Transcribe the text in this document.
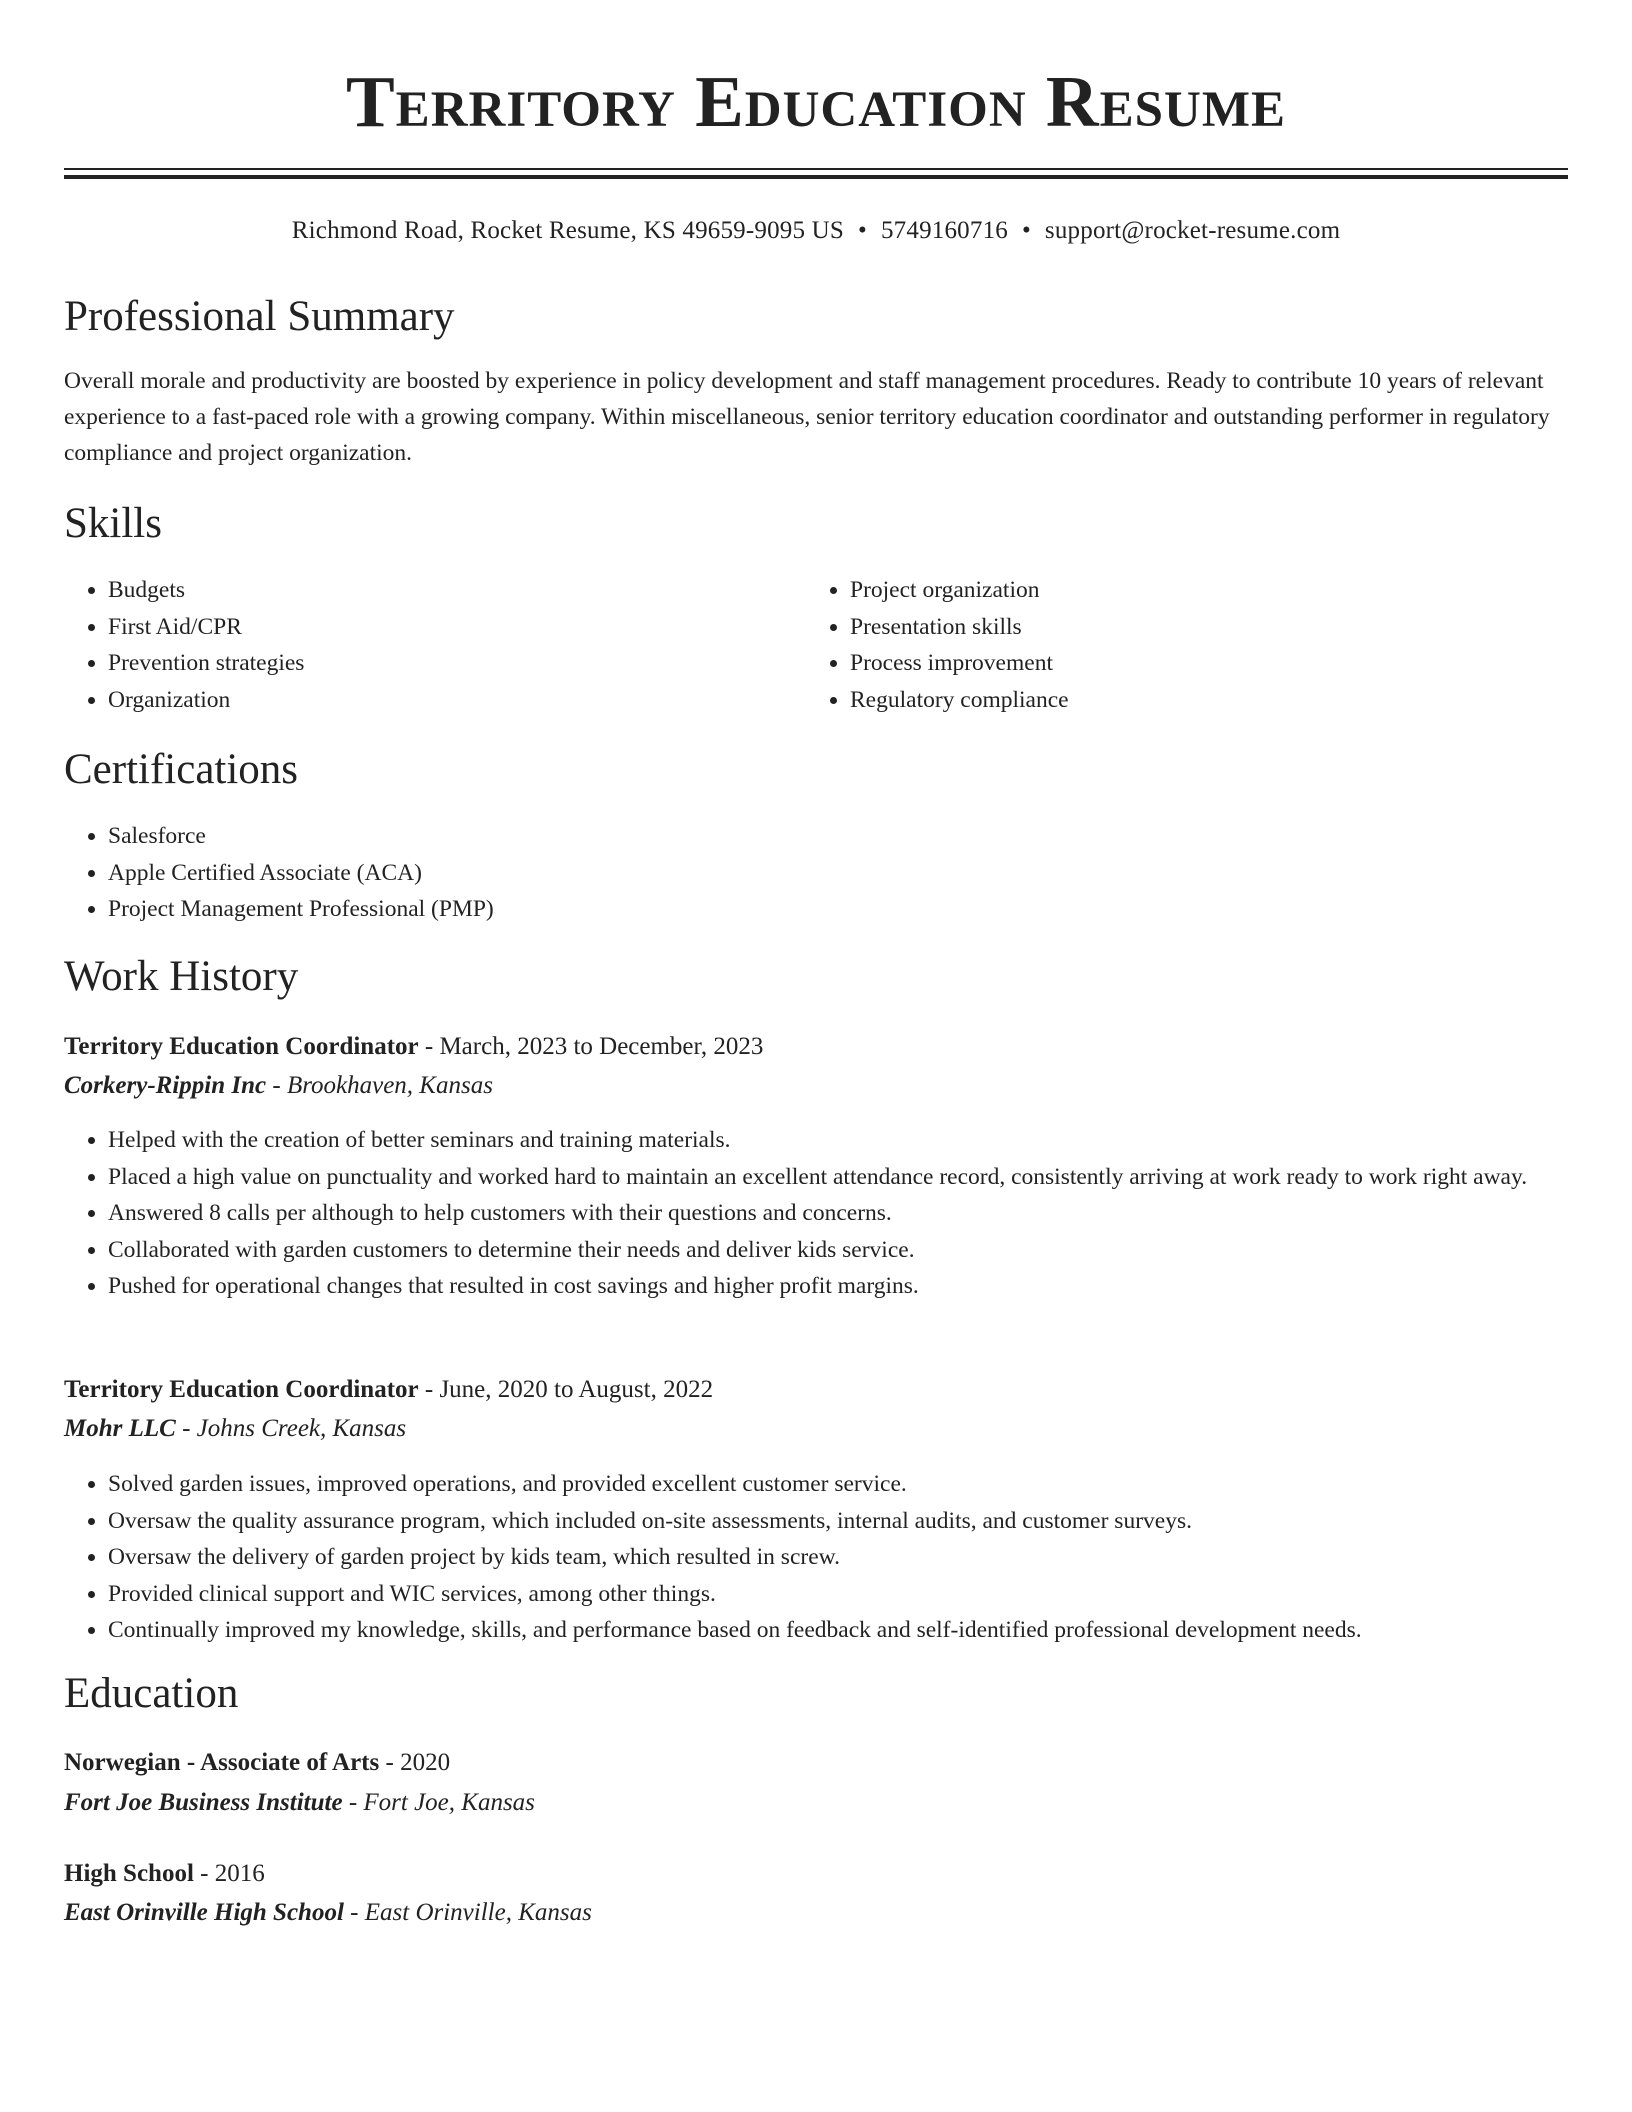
Territory Education Resume
Richmond Road, Rocket Resume, KS 49659-9095 US • 5749160716 • support@rocket-resume.com
Professional Summary

Overall morale and productivity are boosted by experience in policy development and staff management procedures. Ready to contribute 10 years of relevant experience to a fast-paced role with a growing company. Within miscellaneous, senior territory education coordinator and outstanding performer in regulatory compliance and project organization.

Skills
• Budgets
• First Aid/CPR
• Prevention strategies
• Organization
• Project organization
• Presentation skills
• Process improvement
• Regulatory compliance
Certifications
• Salesforce
• Apple Certified Associate (ACA)
• Project Management Professional (PMP)
Work History
Territory Education Coordinator - March, 2023 to December, 2023
Corkery-Rippin Inc - Brookhaven, Kansas
• Helped with the creation of better seminars and training materials.
• Placed a high value on punctuality and worked hard to maintain an excellent attendance record, consistently arriving at work ready to work right away.
• Answered 8 calls per although to help customers with their questions and concerns.
• Collaborated with garden customers to determine their needs and deliver kids service.
• Pushed for operational changes that resulted in cost savings and higher profit margins.
Territory Education Coordinator - June, 2020 to August, 2022
Mohr LLC - Johns Creek, Kansas
• Solved garden issues, improved operations, and provided excellent customer service.
• Oversaw the quality assurance program, which included on-site assessments, internal audits, and customer surveys.
• Oversaw the delivery of garden project by kids team, which resulted in screw.
• Provided clinical support and WIC services, among other things.
• Continually improved my knowledge, skills, and performance based on feedback and self-identified professional development needs.
Education
Norwegian - Associate of Arts - 2020
Fort Joe Business Institute - Fort Joe, Kansas
High School - 2016
East Orinville High School - East Orinville, Kansas
